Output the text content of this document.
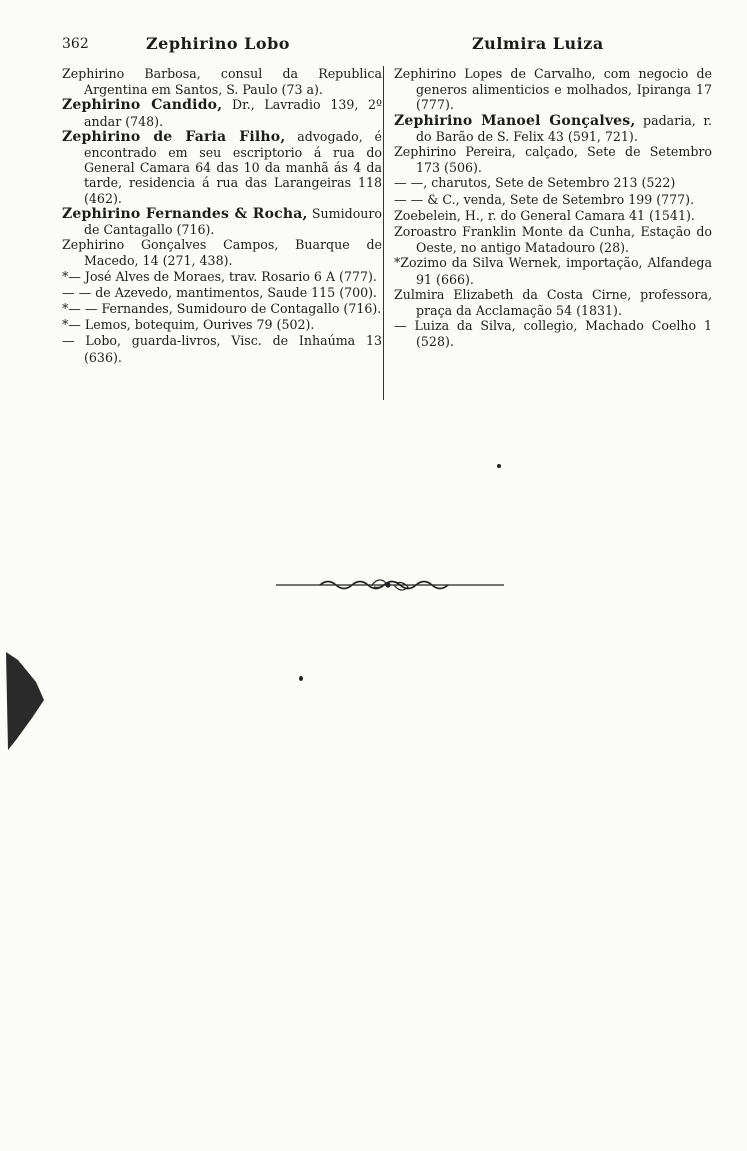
362	Zephirino Lobo	Zulmira Luiza

Zephirino Barbosa, consul da Republica Argentina em Santos, S. Paulo (73 a).

Zephirino Candido, Dr., Lavradio 139, 2º andar (748).

Zephirino de Faria Filho, advogado, é encontrado em seu escriptorio á rua do General Camara 64 das 10 da manhã ás 4 da tarde, residencia á rua das Larangeiras 118 (462).

Zephirino Fernandes & Rocha, Sumidouro de Cantagallo (716).

Zephirino Gonçalves Campos, Buarque de Macedo, 14 (271, 438).

*— José Alves de Moraes, trav. Rosario 6 A (777).

— — de Azevedo, mantimentos, Saude 115 (700).

*— — Fernandes, Sumidouro de Contagallo (716).

*— Lemos, botequim, Ourives 79 (502).

— Lobo, guarda-livros, Visc. de Inhaúma 13 (636).

Zephirino Lopes de Carvalho, com negocio de generos alimenticios e molhados, Ipiranga 17 (777).

Zephirino Manoel Gonçalves, padaria, r. do Barão de S. Felix 43 (591, 721).

Zephirino Pereira, calçado, Sete de Setembro 173 (506).

— —, charutos, Sete de Setembro 213 (522)

— — & C., venda, Sete de Setembro 199 (777).

Zoebelein, H., r. do General Camara 41 (1541).

Zoroastro Franklin Monte da Cunha, Estação do Oeste, no antigo Matadouro (28).

*Zozimo da Silva Wernek, importação, Alfandega 91 (666).

Zulmira Elizabeth da Costa Cirne, professora, praça da Acclamação 54 (1831).

— Luiza da Silva, collegio, Machado Coelho 1 (528).
